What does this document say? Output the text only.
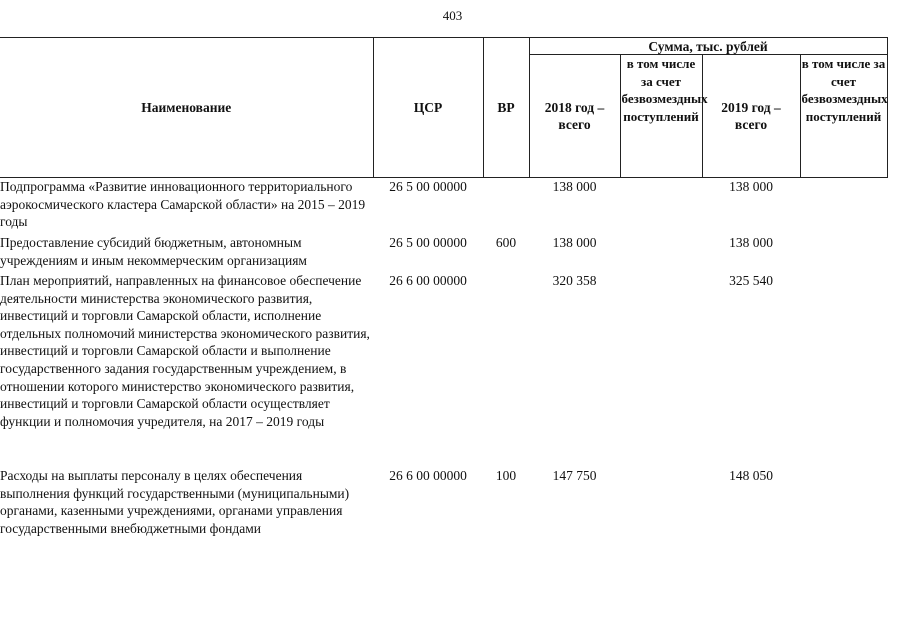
403
Наименование	ЦСР	ВР	Сумма, тыс. рублей			
			2018 год – всего	в том числе за счет безвозмездных поступлений	2019 год – всего	в том числе за счет безвозмездных поступлений
Подпрограмма «Развитие инновационного территориального аэрокосмического кластера Самарской области» на 2015 – 2019 годы	26 5 00 00000		138 000		138 000	
Предоставление субсидий бюджетным, автономным учреждениям и иным некоммерческим организациям	26 5 00 00000	600	138 000		138 000	
План мероприятий, направленных на финансовое обеспечение деятельности министерства экономического развития, инвестиций и торговли Самарской области, исполнение отдельных полномочий министерства экономического развития, инвестиций и торговли Самарской области и выполнение государственного задания государственным учреждением, в отношении которого министерство экономического развития, инвестиций и торговли Самарской области осуществляет функции и полномочия учредителя, на 2017 – 2019 годы	26 6 00 00000		320 358		325 540	
Расходы на выплаты персоналу в целях обеспечения выполнения функций государственными (муниципальными) органами, казенными учреждениями, органами управления государственными внебюджетными фондами	26 6 00 00000	100	147 750		148 050	
